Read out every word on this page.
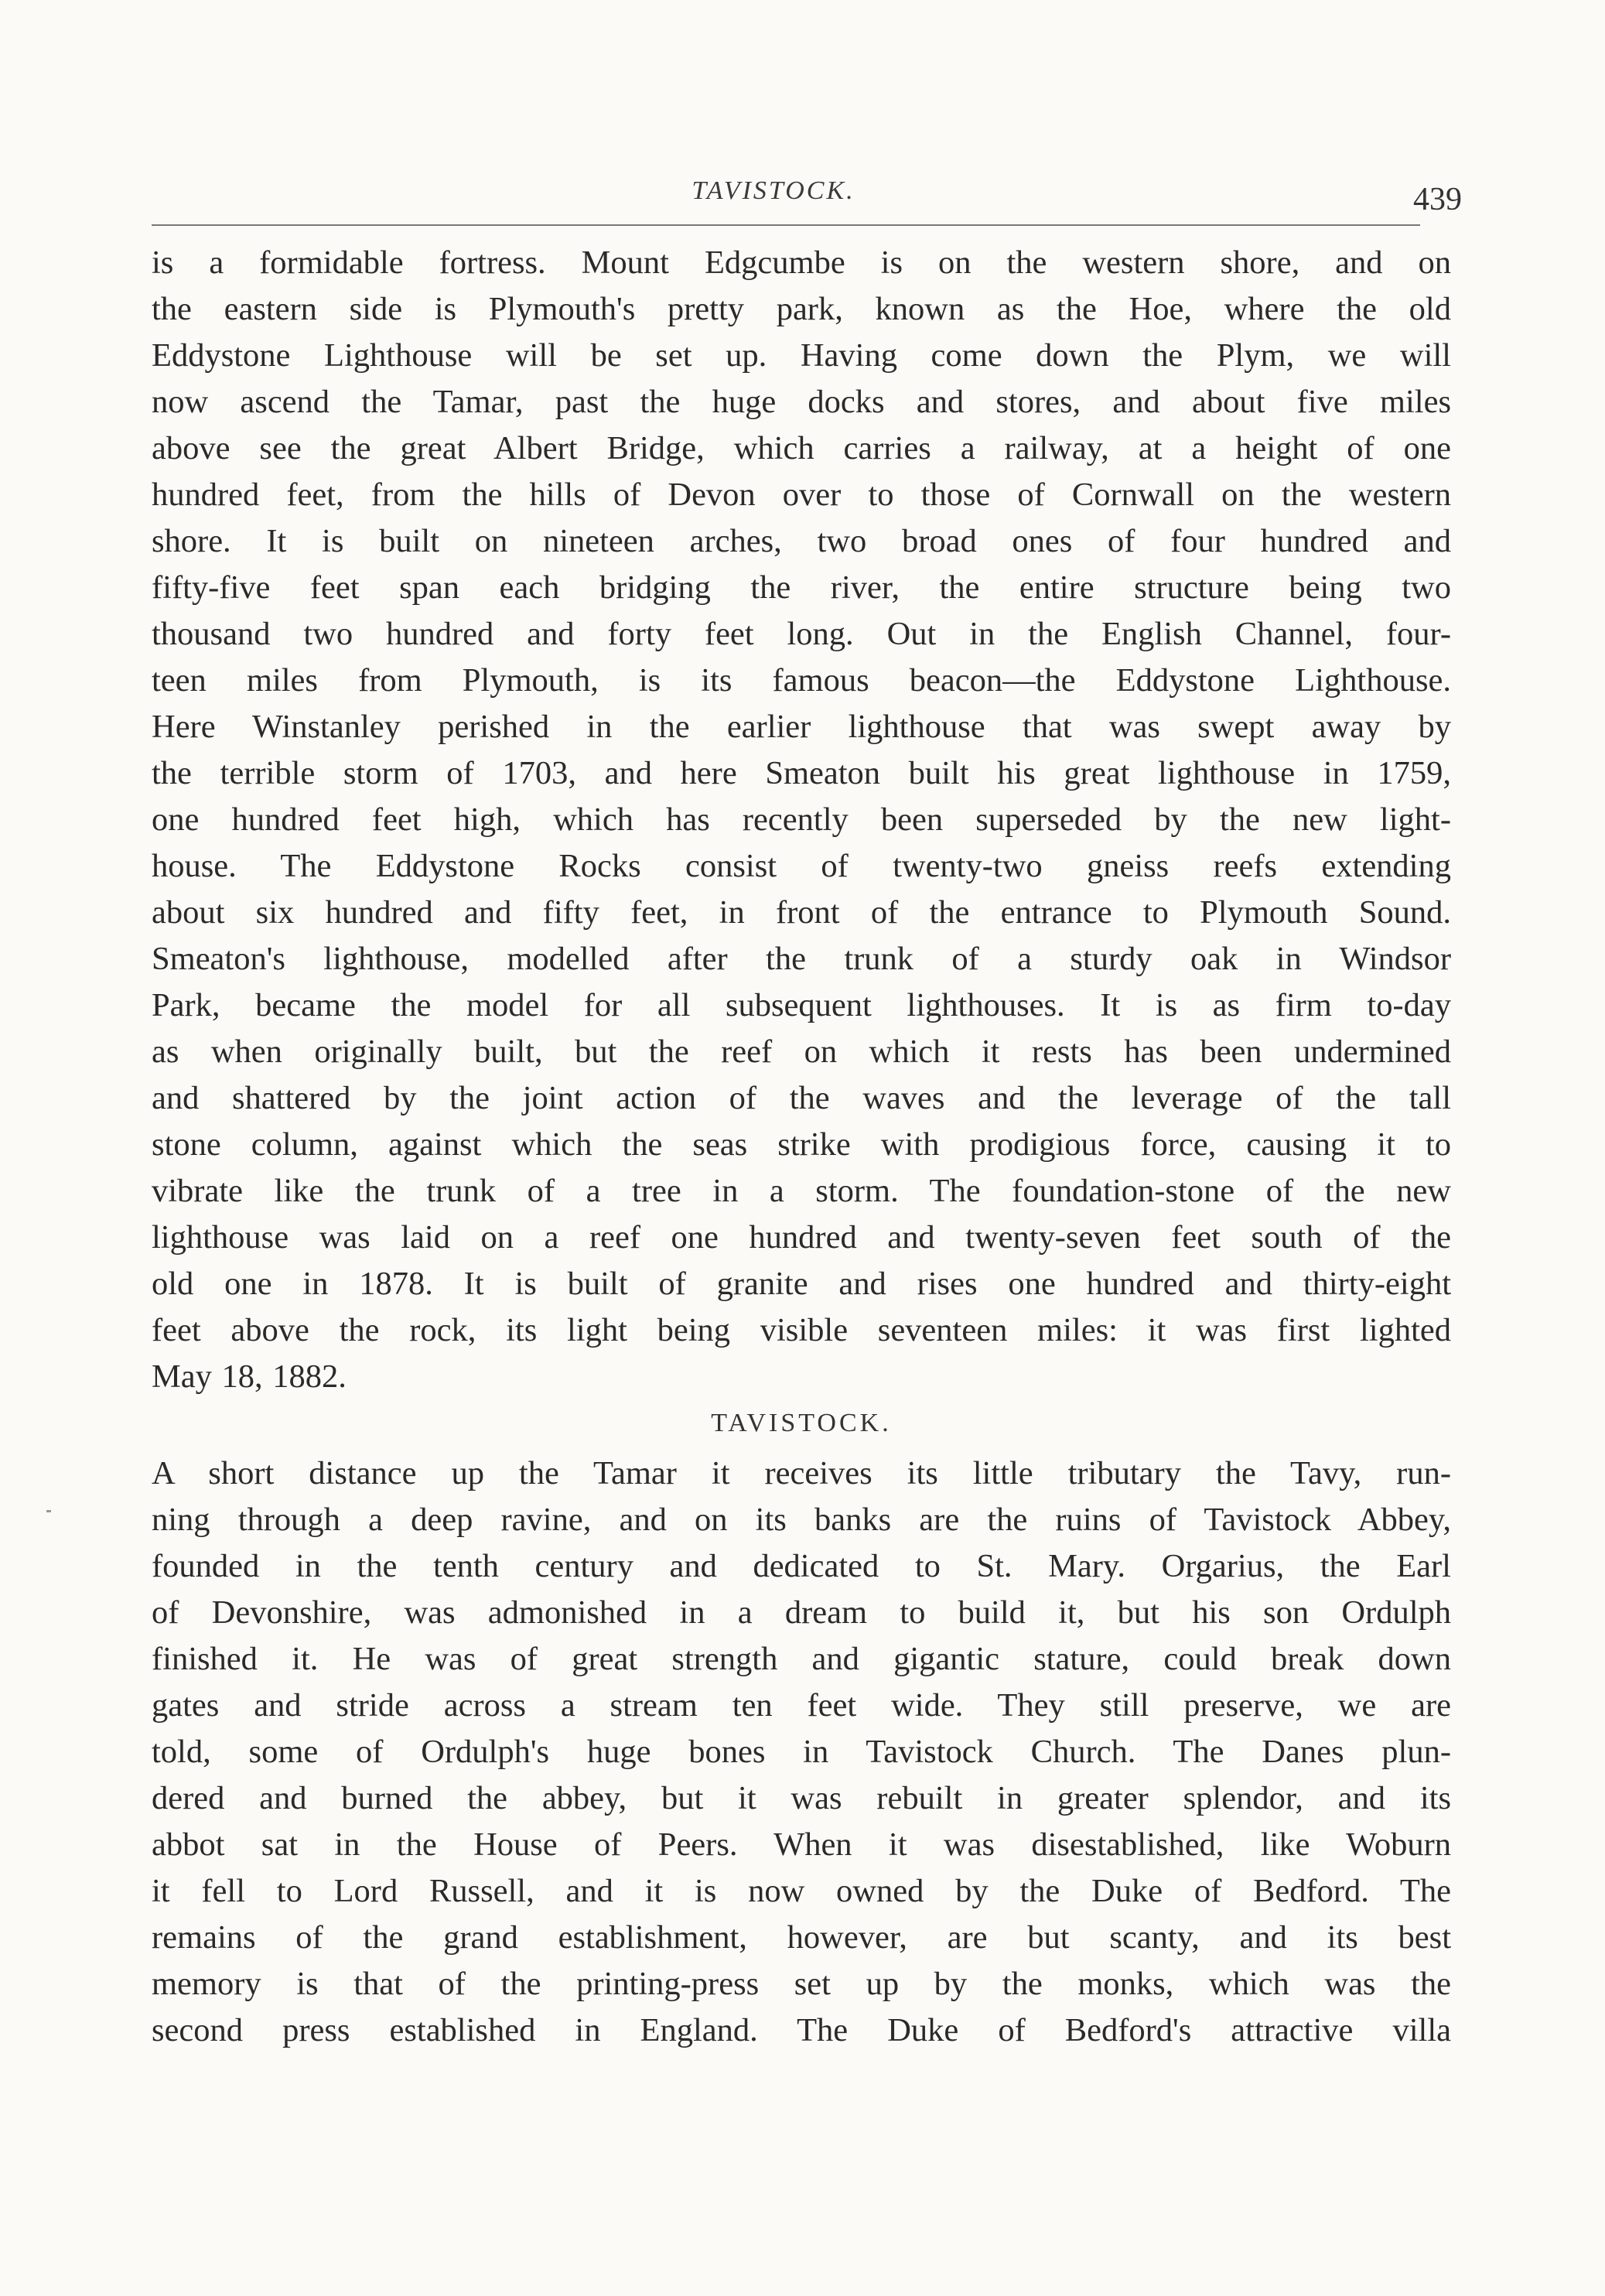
TAVISTOCK.	439
is a formidable fortress. Mount Edgcumbe is on the western shore, and on
the eastern side is Plymouth's pretty park, known as the Hoe, where the old
Eddystone Lighthouse will be set up. Having come down the Plym, we will
now ascend the Tamar, past the huge docks and stores, and about five miles
above see the great Albert Bridge, which carries a railway, at a height of one
hundred feet, from the hills of Devon over to those of Cornwall on the western
shore. It is built on nineteen arches, two broad ones of four hundred and
fifty-five feet span each bridging the river, the entire structure being two
thousand two hundred and forty feet long. Out in the English Channel, four-
teen miles from Plymouth, is its famous beacon—the Eddystone Lighthouse.
Here Winstanley perished in the earlier lighthouse that was swept away by
the terrible storm of 1703, and here Smeaton built his great lighthouse in 1759,
one hundred feet high, which has recently been superseded by the new light-
house. The Eddystone Rocks consist of twenty-two gneiss reefs extending
about six hundred and fifty feet, in front of the entrance to Plymouth Sound.
Smeaton's lighthouse, modelled after the trunk of a sturdy oak in Windsor
Park, became the model for all subsequent lighthouses. It is as firm to-day
as when originally built, but the reef on which it rests has been undermined
and shattered by the joint action of the waves and the leverage of the tall
stone column, against which the seas strike with prodigious force, causing it to
vibrate like the trunk of a tree in a storm. The foundation-stone of the new
lighthouse was laid on a reef one hundred and twenty-seven feet south of the
old one in 1878. It is built of granite and rises one hundred and thirty-eight
feet above the rock, its light being visible seventeen miles: it was first lighted
May 18, 1882.
TAVISTOCK.
A short distance up the Tamar it receives its little tributary the Tavy, run-
ning through a deep ravine, and on its banks are the ruins of Tavistock Abbey,
founded in the tenth century and dedicated to St. Mary. Orgarius, the Earl
of Devonshire, was admonished in a dream to build it, but his son Ordulph
finished it. He was of great strength and gigantic stature, could break down
gates and stride across a stream ten feet wide. They still preserve, we are
told, some of Ordulph's huge bones in Tavistock Church. The Danes plun-
dered and burned the abbey, but it was rebuilt in greater splendor, and its
abbot sat in the House of Peers. When it was disestablished, like Woburn
it fell to Lord Russell, and it is now owned by the Duke of Bedford. The
remains of the grand establishment, however, are but scanty, and its best
memory is that of the printing-press set up by the monks, which was the
second press established in England. The Duke of Bedford's attractive villa
